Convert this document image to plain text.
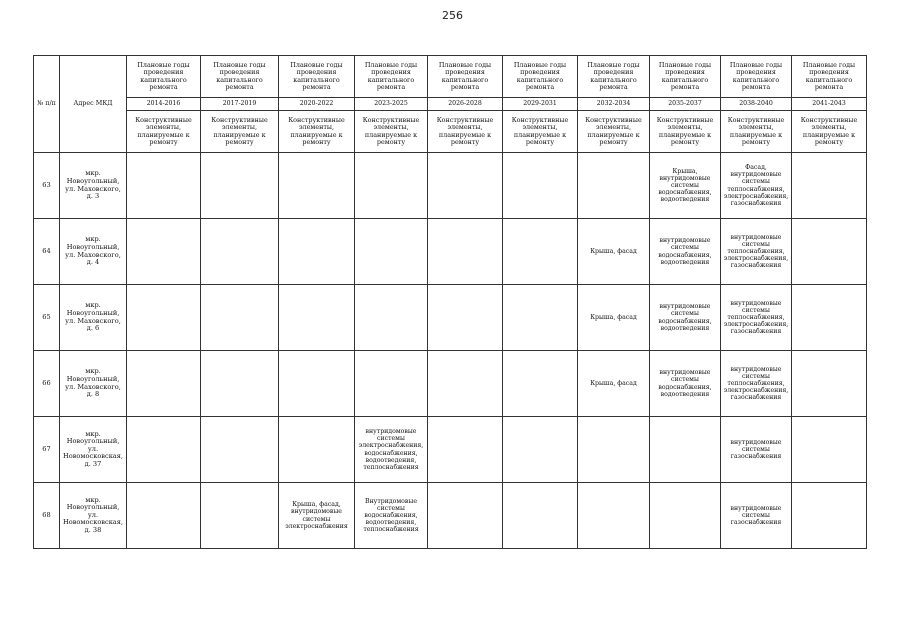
256
№ п/п	Адрес МКД	Плановые годы проведения капитального ремонта	Плановые годы проведения капитального ремонта	Плановые годы проведения капитального ремонта	Плановые годы проведения капитального ремонта	Плановые годы проведения капитального ремонта	Плановые годы проведения капитального ремонта	Плановые годы проведения капитального ремонта	Плановые годы проведения капитального ремонта	Плановые годы проведения капитального ремонта	Плановые годы проведения капитального ремонта
		2014-2016	2017-2019	2020-2022	2023-2025	2026-2028	2029-2031	2032-2034	2035-2037	2038-2040	2041-2043
		Конструктивные элементы, планируемые к ремонту	Конструктивные элементы, планируемые к ремонту	Конструктивные элементы, планируемые к ремонту	Конструктивные элементы, планируемые к ремонту	Конструктивные элементы, планируемые к ремонту	Конструктивные элементы, планируемые к ремонту	Конструктивные элементы, планируемые к ремонту	Конструктивные элементы, планируемые к ремонту	Конструктивные элементы, планируемые к ремонту	Конструктивные элементы, планируемые к ремонту
63	мкр. Новоугольный, ул. Маховского, д. 3								Крыша, внутридомовые системы водоснабжения, водоотведения	Фасад, внутридомовые системы теплоснабжения, электроснабжения, газоснабжения	
64	мкр. Новоугольный, ул. Маховского, д. 4							Крыша, фасад	внутридомовые системы водоснабжения, водоотведения	внутридомовые системы теплоснабжения, электроснабжения, газоснабжения	
65	мкр. Новоугольный, ул. Маховского, д. 6							Крыша, фасад	внутридомовые системы водоснабжения, водоотведения	внутридомовые системы теплоснабжения, электроснабжения, газоснабжения	
66	мкр. Новоугольный, ул. Маховского, д. 8							Крыша, фасад	внутридомовые системы водоснабжения, водоотведения	внутридомовые системы теплоснабжения, электроснабжения, газоснабжения	
67	мкр. Новоугольный, ул. Новомосковская, д. 37				внутридомовые системы электроснабжения, водоснабжения, водоотведения, теплоснабжения					внутридомовые системы газоснабжения	
68	мкр. Новоугольный, ул. Новомосковская, д. 38			Крыша, фасад, внутридомовые системы электроснабжения	Внутридомовые системы водоснабжения, водоотведения, теплоснабжения					внутридомовые системы газоснабжения	
